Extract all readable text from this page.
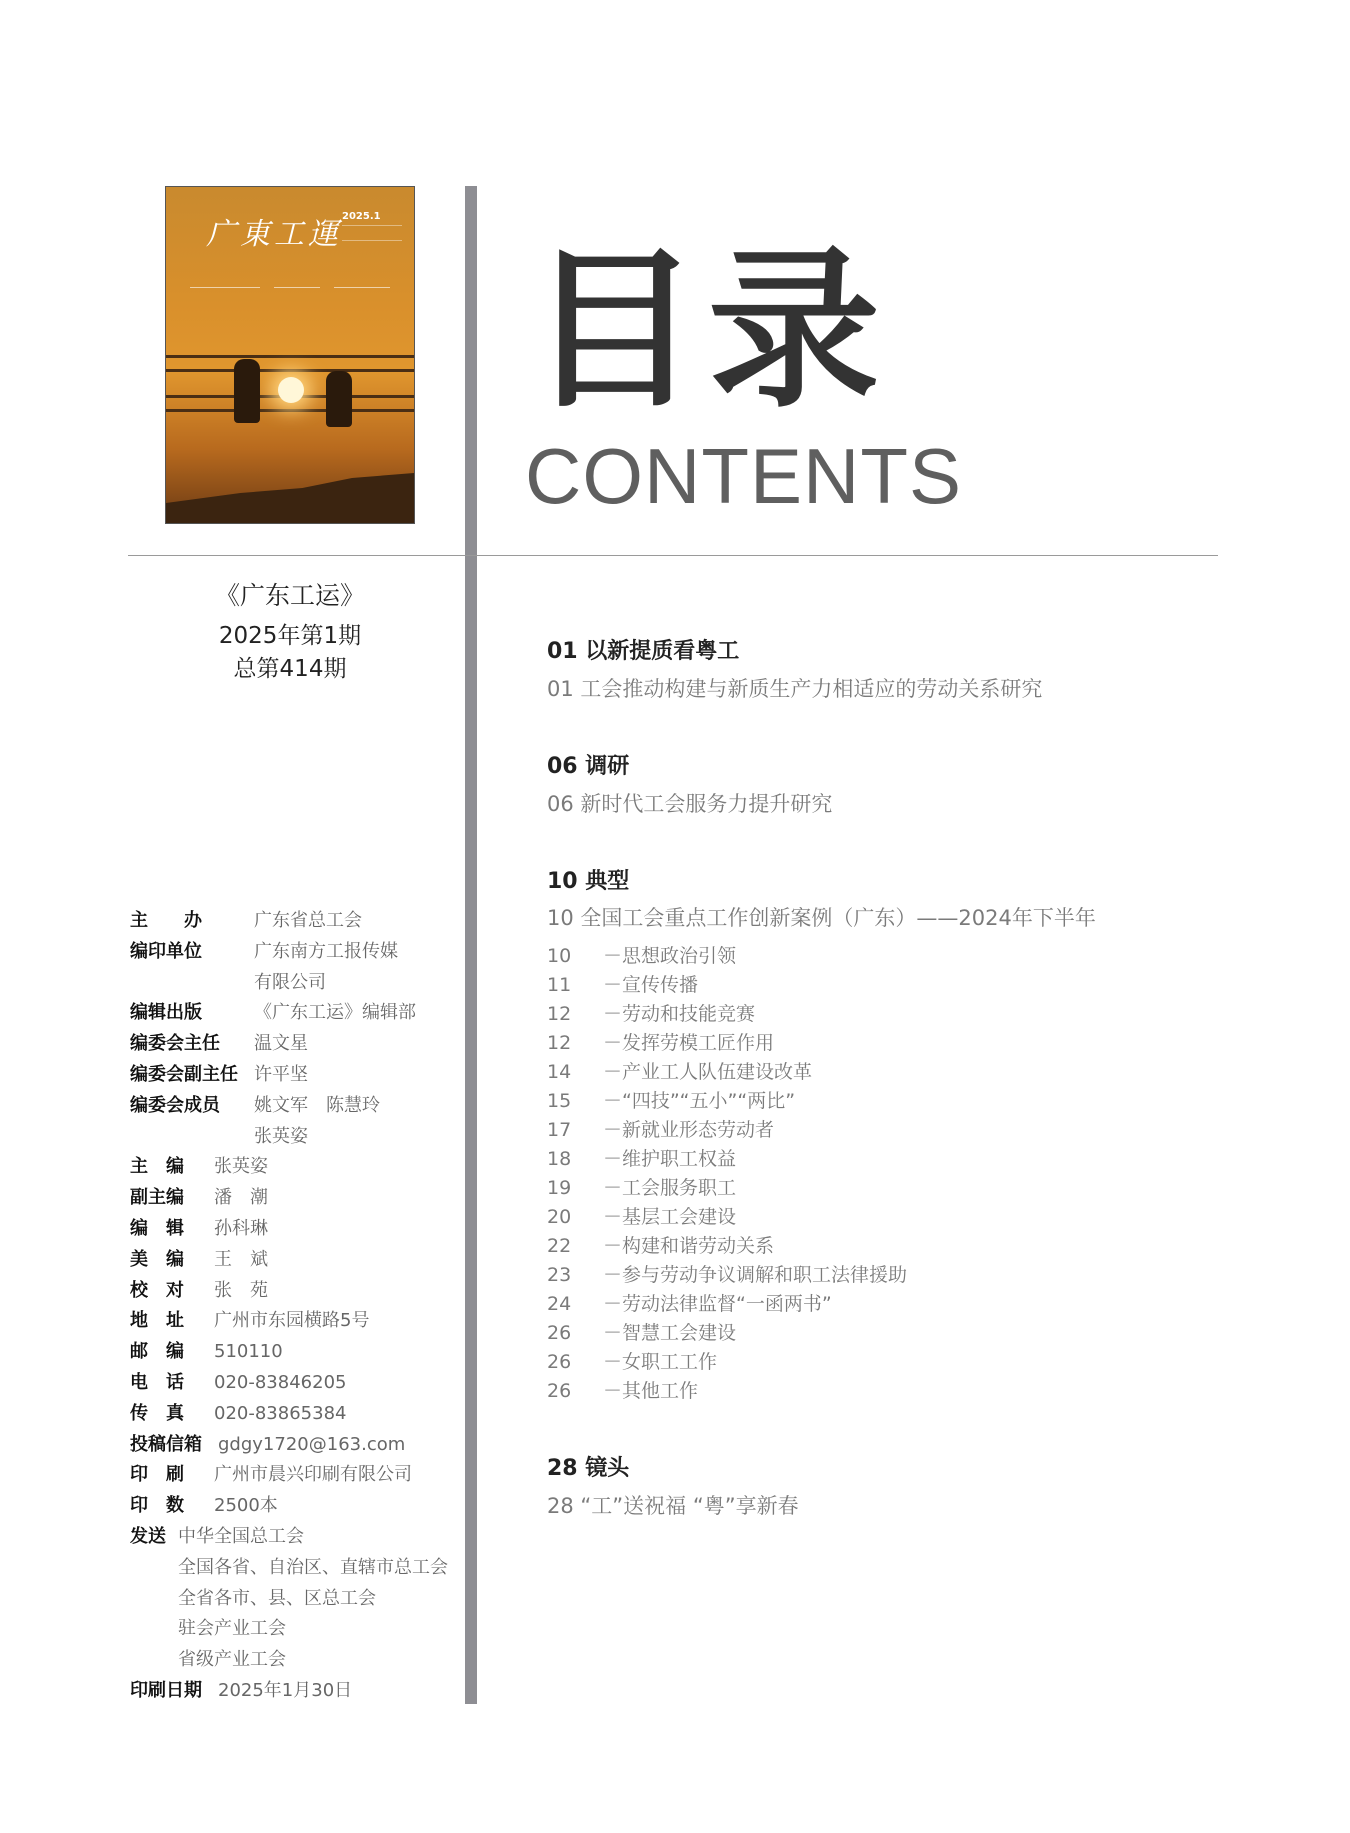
广東工運
2025.1
目录
CONTENTS
《广东工运》
2025年第1期
总第414期
主　　办	广东省总工会
编印单位	广东南方工报传媒
有限公司
编辑出版	《广东工运》编辑部
编委会主任	温文星
编委会副主任 许平坚
编委会成员	姚文军　陈慧玲
张英姿
主　编	张英姿
副主编	潘　潮
编　辑	孙科琳
美　编	王　斌
校　对	张　苑
地　址	广州市东园横路5号
邮　编	510110
电　话	020-83846205
传　真	020-83865384
投稿信箱 gdgy1720@163.com
印　刷	广州市晨兴印刷有限公司
印　数	2500本
发送 中华全国总工会
全国各省、自治区、直辖市总工会
全省各市、县、区总工会
驻会产业工会
省级产业工会
印刷日期 2025年1月30日
01 以新提质看粤工
01 工会推动构建与新质生产力相适应的劳动关系研究
06 调研
06 新时代工会服务力提升研究
10 典型
10 全国工会重点工作创新案例（广东）——2024年下半年
10 －思想政治引领
11 －宣传传播
12 －劳动和技能竞赛
12 －发挥劳模工匠作用
14 －产业工人队伍建设改革
15 －“四技”“五小”“两比”
17 －新就业形态劳动者
18 －维护职工权益
19 －工会服务职工
20 －基层工会建设
22 －构建和谐劳动关系
23 －参与劳动争议调解和职工法律援助
24 －劳动法律监督“一函两书”
26 －智慧工会建设
26 －女职工工作
26 －其他工作
28 镜头
28 “工”送祝福 “粤”享新春
